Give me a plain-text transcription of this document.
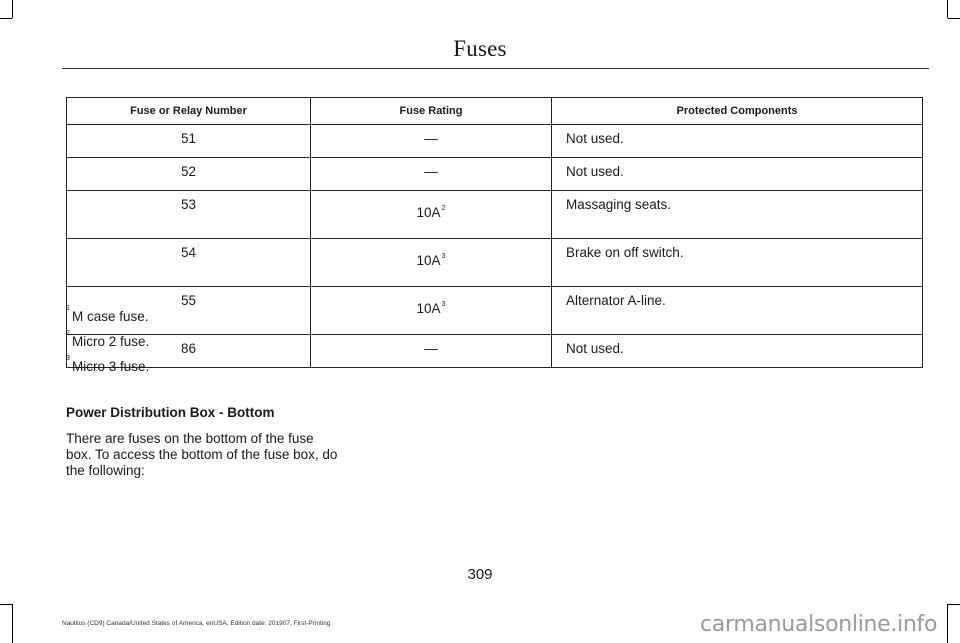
Fuses
Fuse or Relay Number	Fuse Rating	Protected Components
51	—	Not used.
52	—	Not used.
53	10A$^2$	Massaging seats.
54	10A$^3$	Brake on off switch.
55	10A$^3$	Alternator A-line.
86	—	Not used.
1
M case fuse.
2
Micro 2 fuse.
3
Micro 3 fuse.
Power Distribution Box - Bottom
There are fuses on the bottom of the fuse box. To access the bottom of the fuse box, do the following:
309
Nautilus (CD9) Canada/United States of America, enUSA, Edition date: 201907, First-Printing	carmanualsonline.info
